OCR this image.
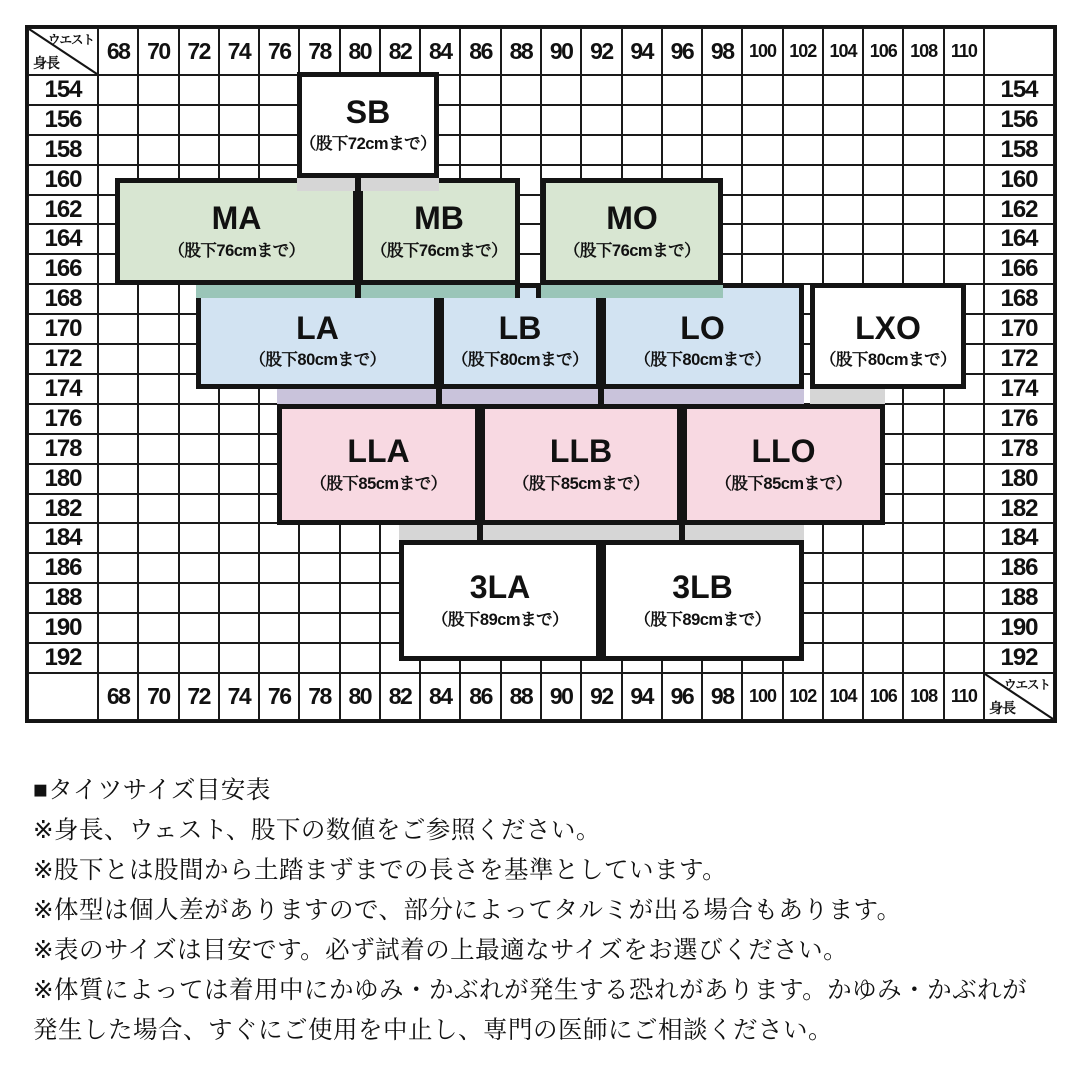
ウエスト
身長	68 70 72 74 76 78 80 82 84 86 88 90 92 94 96 98 100 102 104 106 108 110
154	154
156	156
158	158
160	160
162	162
164	164
166	166
168	168
170	170
172	172
174	174
176	176
178	178
180	180
182	182
184	184
186	186
188	188
190	190
192	192
68 70 72 74 76 78 80 82 84 86 88 90 92 94 96 98 100 102 104 106 108 110
ウエスト
身長
SB
（股下72cmまで）
MA
（股下76cmまで）
MB
（股下76cmまで）
MO
（股下76cmまで）
LA
（股下80cmまで）
LB
（股下80cmまで）
LO
（股下80cmまで）
LXO
（股下80cmまで）
LLA
（股下85cmまで）
LLB
（股下85cmまで）
LLO
（股下85cmまで）
3LA
（股下89cmまで）
3LB
（股下89cmまで）
■タイツサイズ目安表
※身長、ウェスト、股下の数値をご参照ください。
※股下とは股間から土踏まずまでの長さを基準としています。
※体型は個人差がありますので、部分によってタルミが出る場合もあります。
※表のサイズは目安です。必ず試着の上最適なサイズをお選びください。
※体質によっては着用中にかゆみ・かぶれが発生する恐れがあります。かゆみ・かぶれが発生した場合、すぐにご使用を中止し、専門の医師にご相談ください。
